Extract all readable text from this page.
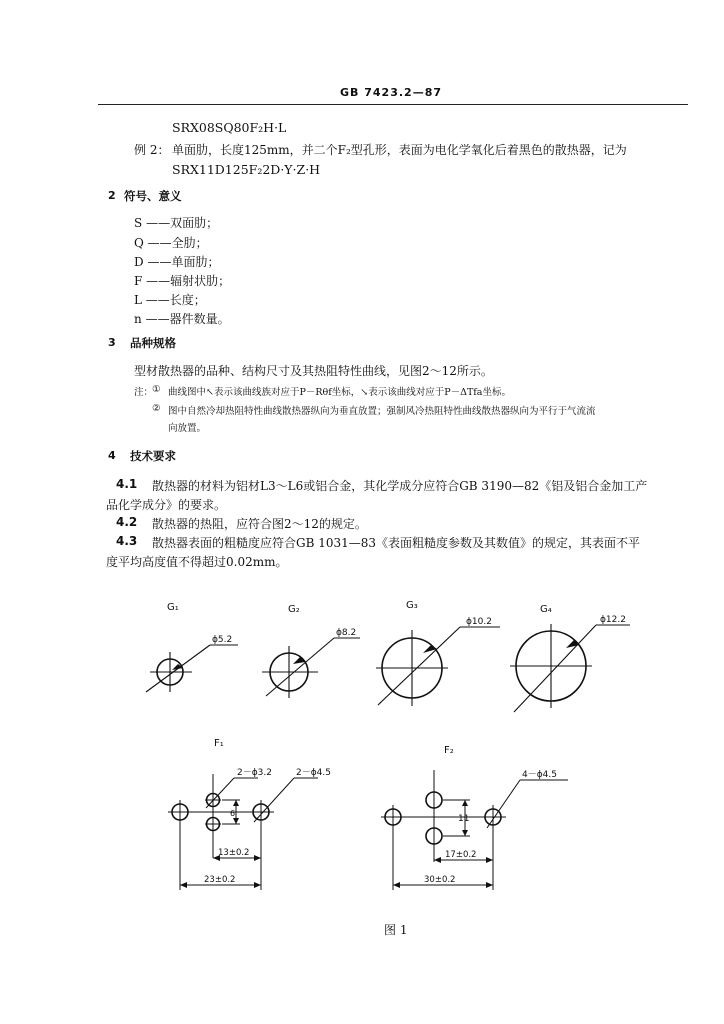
GB 7423.2—87
SRX08SQ80F₂H·L
例 2： 单面肋，长度125mm，并二个F₂型孔形，表面为电化学氧化后着黑色的散热器，记为
SRX11D125F₂2D·Y·Z·H
2 符号、意义
S ——双面肋；
Q ——全肋；
D ——单面肋；
F ——辐射状肋；
L ——长度；
n ——器件数量。
3 品种规格
型材散热器的品种、结构尺寸及其热阻特性曲线，见图2～12所示。
注：
① 曲线图中↖表示该曲线族对应于P－Rθf坐标，↘表示该曲线对应于P－ΔTfa坐标。
② 图中自然冷却热阻特性曲线散热器纵向为垂直放置；强制风冷热阻特性曲线散热器纵向为平行于气流流
向放置。
4 技术要求
4.1 散热器的材料为铝材L3～L6或铝合金，其化学成分应符合GB 3190—82《铝及铝合金加工产
品化学成分》的要求。
4.2 散热器的热阻，应符合图2～12的规定。
4.3 散热器表面的粗糙度应符合GB 1031—83《表面粗糙度参数及其数值》的规定，其表面不平
度平均高度值不得超过0.02mm。
G₁	G₂	G₃	G₄
ϕ5.2
ϕ8.2
ϕ10.2	ϕ12.2
F₁
2－ϕ3.2	2－ϕ4.5
6
13±0.2
23±0.2
F₂
4－ϕ4.5
11
17±0.2
30±0.2
图 1
